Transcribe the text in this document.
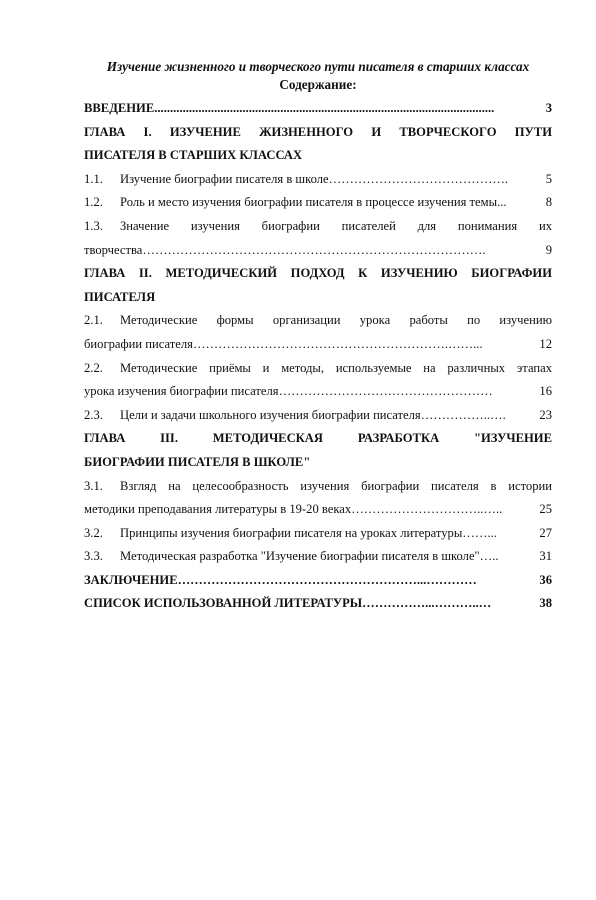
Изучение жизненного и творческого пути писателя в старших классах
Содержание:
ВВЕДЕНИЕ............................................................................................................	3
ГЛАВА I. ИЗУЧЕНИЕ ЖИЗНЕННОГО И ТВОРЧЕСКОГО ПУТИ
ПИСАТЕЛЯ В СТАРШИХ КЛАССАХ
1.1.	Изучение биографии писателя в школе…………………………………….	5
1.2.	Роль и место изучения биографии писателя в процессе изучения темы...	8
1.3.	Значение изучения биографии писателей для понимания их
творчества……………………………………………………………………….	9
ГЛАВА II. МЕТОДИЧЕСКИЙ ПОДХОД К ИЗУЧЕНИЮ БИОГРАФИИ
ПИСАТЕЛЯ
2.1.	Методические формы организации урока работы по изучению
биографии писателя…………………………………………………….……...	12
2.2.	Методические приёмы и методы, используемые на различных этапах
урока изучения биографии писателя……………………………………………	16
2.3.	Цели и задачи школьного изучения биографии писателя……………..….	23
ГЛАВА III. МЕТОДИЧЕСКАЯ РАЗРАБОТКА "ИЗУЧЕНИЕ
БИОГРАФИИ ПИСАТЕЛЯ В ШКОЛЕ"
3.1.	Взгляд на целесообразность изучения биографии писателя в истории
методики преподавания литературы в 19-20 веках…………………………..…..	25
3.2.	Принципы изучения биографии писателя на уроках литературы……...	27
3.3.	Методическая разработка "Изучение биографии писателя в школе"…..	31
ЗАКЛЮЧЕНИЕ…………………………………………………...…………	36
СПИСОК ИСПОЛЬЗОВАННОЙ ЛИТЕРАТУРЫ……………...………..…	38
